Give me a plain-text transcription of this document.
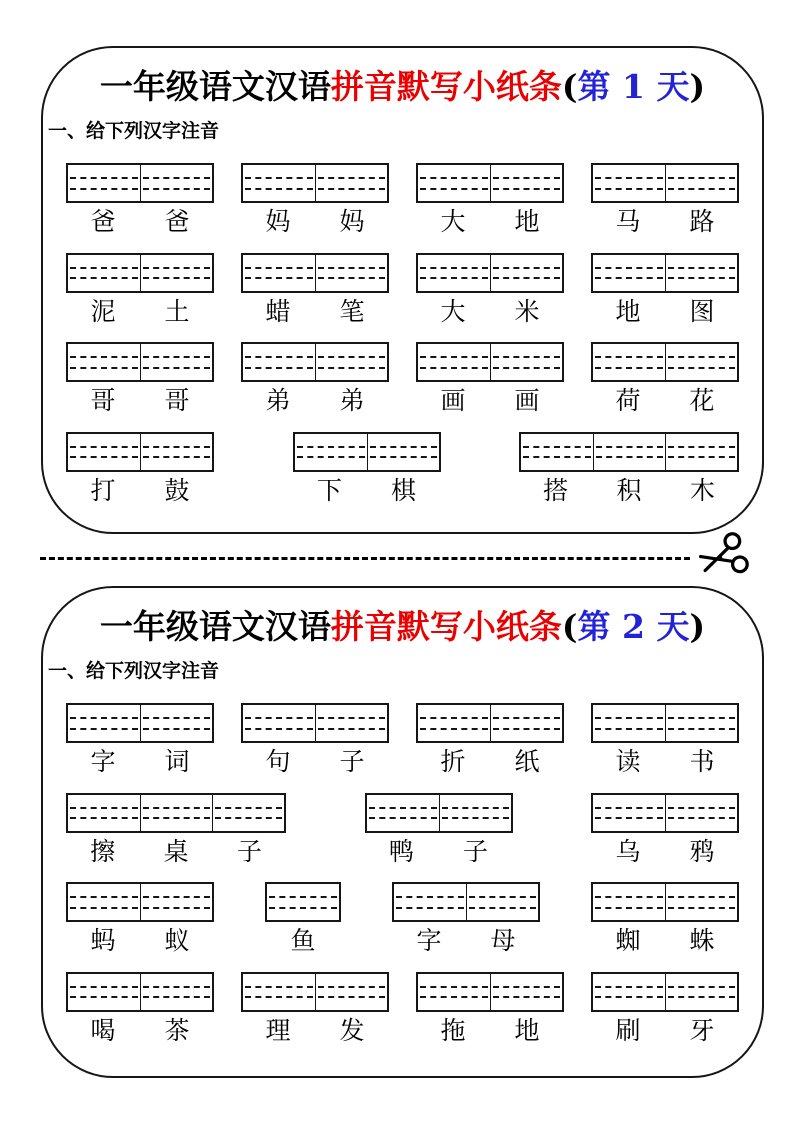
一年级语文汉语拼音默写小纸条(第 1 天)
一、给下列汉字注音
爸 爸	妈 妈	大 地	马 路
泥 土	蜡 笔	大 米	地 图
哥 哥	弟 弟	画 画	荷 花
打 鼓	下 棋	搭 积 木
一年级语文汉语拼音默写小纸条(第 2 天)
一、给下列汉字注音
字 词	句 子	折 纸	读 书
擦 桌 子	鸭 子	乌 鸦
蚂 蚁	鱼	字 母	蜘 蛛
喝 茶	理 发	拖 地	刷 牙
